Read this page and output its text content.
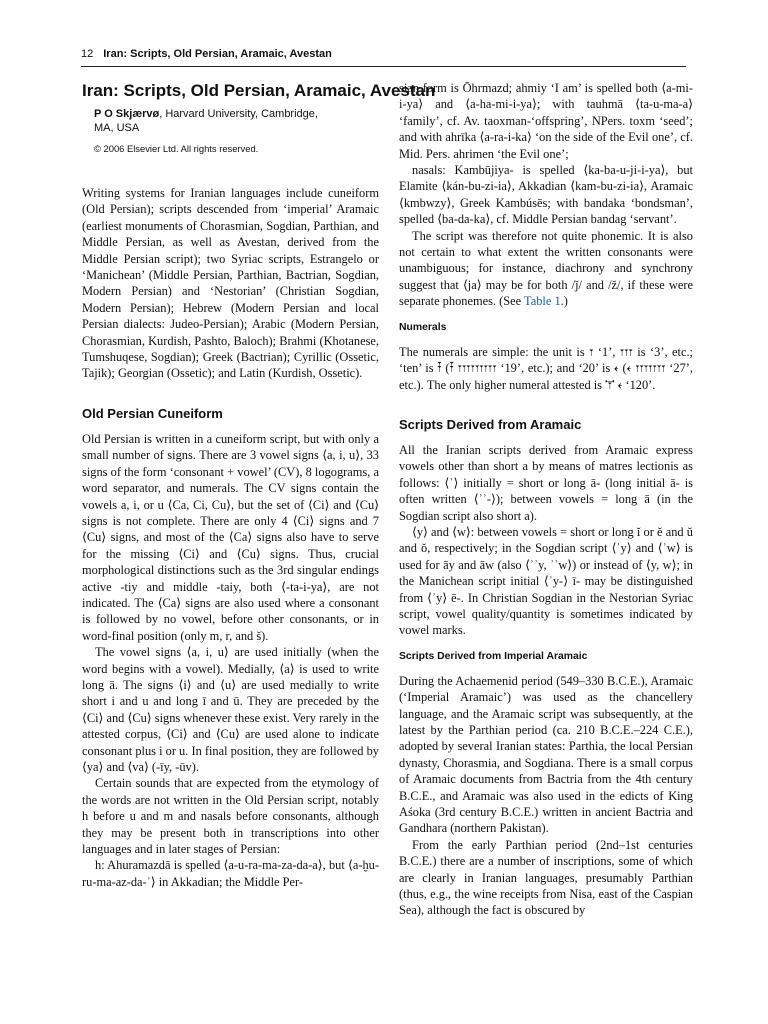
12 Iran: Scripts, Old Persian, Aramaic, Avestan
Iran: Scripts, Old Persian, Aramaic, Avestan
P O Skjærvø, Harvard University, Cambridge, MA, USA
© 2006 Elsevier Ltd. All rights reserved.

Writing systems for Iranian languages include cuneiform (Old Persian); scripts descended from ‘imperial’ Aramaic (earliest monuments of Chorasmian, Sogdian, Parthian, and Middle Persian, as well as Avestan, derived from the Middle Persian script); two Syriac scripts, Estrangelo or ‘Manichean’ (Middle Persian, Parthian, Bactrian, Sogdian, Modern Persian) and ‘Nestorian’ (Christian Sogdian, Modern Persian); Hebrew (Modern Persian and local Persian dialects: Judeo-Persian); Arabic (Modern Persian, Chorasmian, Kurdish, Pashto, Baloch); Brahmi (Khotanese, Tumshuqese, Sogdian); Greek (Bactrian); Cyrillic (Ossetic, Tajik); Georgian (Ossetic); and Latin (Kurdish, Ossetic).

Old Persian Cuneiform

Old Persian is written in a cuneiform script, but with only a small number of signs. There are 3 vowel signs ⟨a, i, u⟩, 33 signs of the form ‘consonant + vowel’ (CV), 8 logograms, a word separator, and numerals. The CV signs contain the vowels a, i, or u ⟨Ca, Ci, Cu⟩, but the set of ⟨Ci⟩ and ⟨Cu⟩ signs is not complete. There are only 4 ⟨Ci⟩ signs and 7 ⟨Cu⟩ signs, and most of the ⟨Ca⟩ signs also have to serve for the missing ⟨Ci⟩ and ⟨Cu⟩ signs. Thus, crucial morphological distinctions such as the 3rd singular endings active -tiy and middle -taiy, both ⟨-ta-i-ya⟩, are not indicated. The ⟨Ca⟩ signs are also used where a consonant is followed by no vowel, before other consonants, or in word-final position (only m, r, and š).

The vowel signs ⟨a, i, u⟩ are used initially (when the word begins with a vowel). Medially, ⟨a⟩ is used to write long ā. The signs ⟨i⟩ and ⟨u⟩ are used medially to write short i and u and long ī and ū. They are preceded by the ⟨Ci⟩ and ⟨Cu⟩ signs whenever these exist. Very rarely in the attested corpus, ⟨Ci⟩ and ⟨Cu⟩ are used alone to indicate consonant plus i or u. In final position, they are followed by ⟨ya⟩ and ⟨va⟩ (-īy, -ūv).

Certain sounds that are expected from the etymology of the words are not written in the Old Persian script, notably h before u and m and nasals before consonants, although they may be present both in transcriptions into other languages and in later stages of Persian:

h: Ahuramazdā is spelled ⟨a-u-ra-ma-za-da-a⟩, but ⟨a-ḫu-ru-ma-az-da-ʾ⟩ in Akkadian; the Middle Per-

sian form is Ōhrmazd; ahmiy ‘I am’ is spelled both ⟨a-mi-i-ya⟩ and ⟨a-ha-mi-i-ya⟩; with tauhmā ⟨ta-u-ma-a⟩ ‘family’, cf. Av. taoxman-‘offspring’, NPers. toxm ‘seed’; and with ahrīka ⟨a-ra-i-ka⟩ ‘on the side of the Evil one’, cf. Mid. Pers. ahrimen ‘the Evil one’;

nasals: Kambūjiya- is spelled ⟨ka-ba-u-ji-i-ya⟩, but Elamite ⟨kán-bu-zi-ia⟩, Akkadian ⟨kam-bu-zi-ia⟩, Aramaic ⟨kmbwzy⟩, Greek Kambúsēs; with bandaka ‘bondsman’, spelled ⟨ba-da-ka⟩, cf. Middle Persian bandag ‘servant’.

The script was therefore not quite phonemic. It is also not certain to what extent the written consonants were unambiguous; for instance, diachrony and synchrony suggest that ⟨ja⟩ may be for both /ǰ/ and /ž/, if these were separate phonemes. (See Table 1.)

Numerals

The numerals are simple: the unit is 𐏑 ‘1’, 𐏑𐏑𐏑 is ‘3’, etc.; ‘ten’ is 𐏒 (𐏒 𐏑𐏑𐏑𐏑𐏑𐏑𐏑𐏑𐏑 ‘19’, etc.); and ‘20’ is 𐏓 (𐏓 𐏑𐏑𐏑𐏑𐏑𐏑𐏑 ‘27’, etc.). The only higher numeral attested is 𐏕 𐏓 ‘120’.

Scripts Derived from Aramaic

All the Iranian scripts derived from Aramaic express vowels other than short a by means of matres lectionis as follows: ⟨ʾ⟩ initially = short or long ā- (long initial ā- is often written ⟨ʾʾ-⟩); between vowels = long ā (in the Sogdian script also short a).

⟨y⟩ and ⟨w⟩: between vowels = short or long ĭ or ĕ and ŭ and ŏ, respectively; in the Sogdian script ⟨ʾy⟩ and ⟨ʾw⟩ is used for āy and āw (also ⟨ʾʾy, ʾʾw⟩) or instead of ⟨y, w⟩; in the Manichean script initial ⟨ʾy-⟩ ī- may be distinguished from ⟨ʾy⟩ ē-. In Christian Sogdian in the Nestorian Syriac script, vowel quality/quantity is sometimes indicated by vowel marks.

Scripts Derived from Imperial Aramaic

During the Achaemenid period (549–330 B.C.E.), Aramaic (‘Imperial Aramaic’) was used as the chancellery language, and the Aramaic script was subsequently, at the latest by the Parthian period (ca. 210 B.C.E.–224 C.E.), adopted by several Iranian states: Parthia, the local Persian dynasty, Chorasmia, and Sogdiana. There is a small corpus of Aramaic documents from Bactria from the 4th century B.C.E., and Aramaic was also used in the edicts of King Aśoka (3rd century B.C.E.) written in ancient Bactria and Gandhara (northern Pakistan).

From the early Parthian period (2nd–1st centuries B.C.E.) there are a number of inscriptions, some of which are clearly in Iranian languages, presumably Parthian (thus, e.g., the wine receipts from Nisa, east of the Caspian Sea), although the fact is obscured by
